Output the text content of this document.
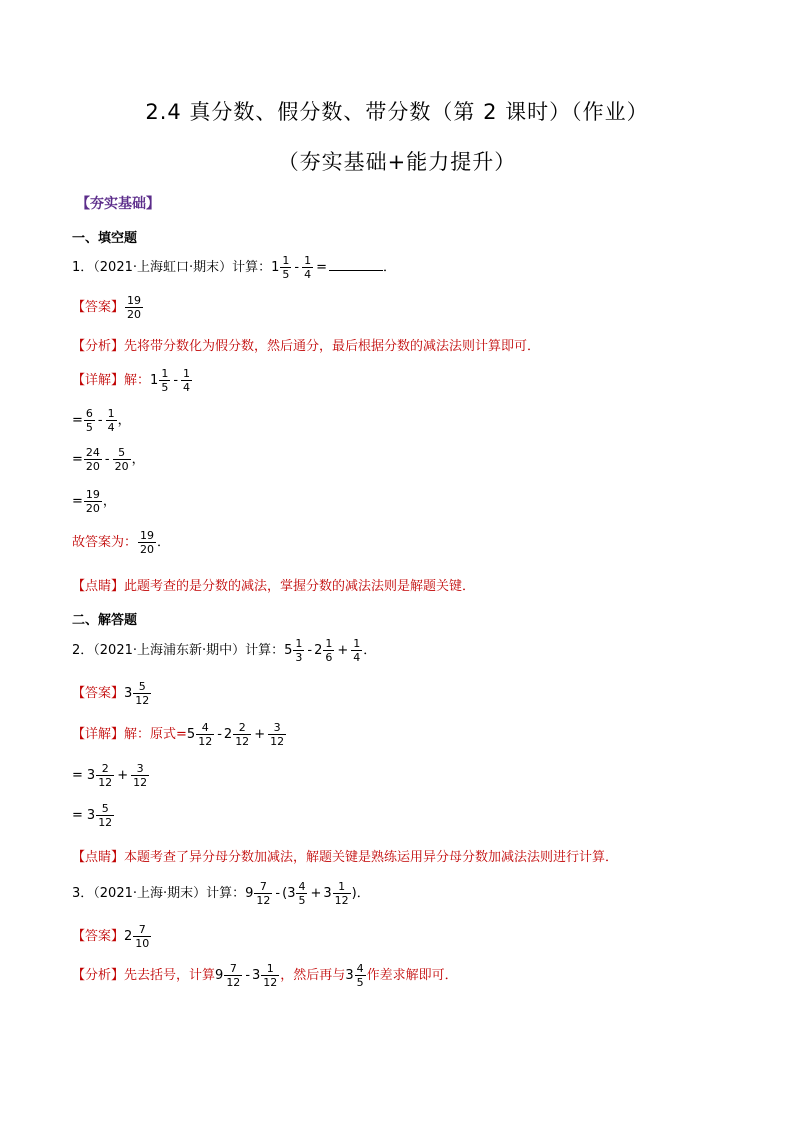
2.4 真分数、假分数、带分数（第 2 课时）（作业）
（夯实基础+能力提升）
【夯实基础】
一、填空题
1．（2021·上海虹口·期末）计算：$1 \frac{1}{5} - \frac{1}{4}$ =	．
【答案】 $\frac{19}{20}$
【分析】先将带分数化为假分数，然后通分，最后根据分数的减法法则计算即可．
【详解】解：$1 \frac{1}{5} - \frac{1}{4}$
= $\frac{6}{5} - \frac{1}{4}$ ，
= $\frac{24}{20} - \frac{5}{20}$ ，
= $\frac{19}{20}$ ，
故答案为： $\frac{19}{20}$ ．
【点睛】此题考查的是分数的减法，掌握分数的减法法则是解题关键．
二、解答题
2．（2021·上海浦东新·期中）计算：$5 \frac{1}{3} - 2 \frac{1}{6} + \frac{1}{4}$ ．
【答案】$3 \frac{5}{12}$
【详解】解：原式$=5 \frac{4}{12} - 2 \frac{2}{12} + \frac{3}{12}$
= $3 \frac{2}{12} + \frac{3}{12}$
= $3 \frac{5}{12}$
【点睛】本题考查了异分母分数加减法，解题关键是熟练运用异分母分数加减法法则进行计算．
3．（2021·上海·期末）计算：$9 \frac{7}{12} - (3 \frac{4}{5} + 3 \frac{1}{12}$ )．
【答案】$2 \frac{7}{10}$
【分析】先去括号，计算$9 \frac{7}{12} - 3 \frac{1}{12}$ ，然后再与$3 \frac{4}{5}$ 作差求解即可．
